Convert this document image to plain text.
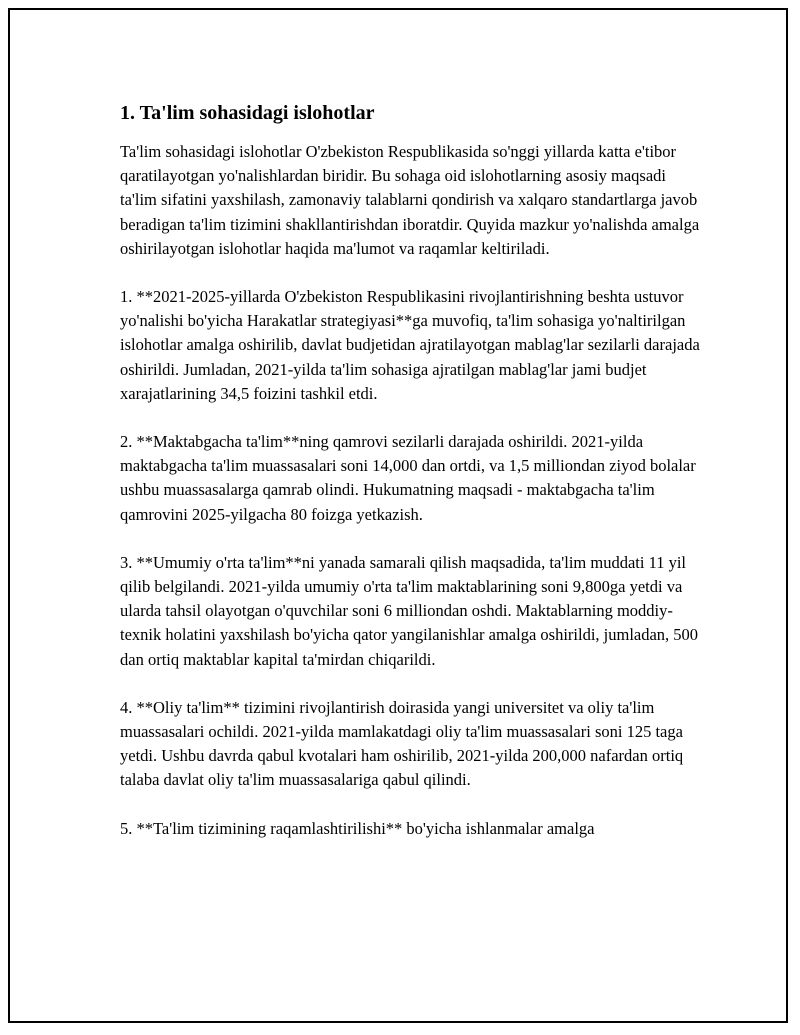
1. Ta'lim sohasidagi islohotlar

Ta'lim sohasidagi islohotlar O'zbekiston Respublikasida so'nggi yillarda katta e'tibor qaratilayotgan yo'nalishlardan biridir. Bu sohaga oid islohotlarning asosiy maqsadi ta'lim sifatini yaxshilash, zamonaviy talablarni qondirish va xalqaro standartlarga javob beradigan ta'lim tizimini shakllantirishdan iboratdir. Quyida mazkur yo'nalishda amalga oshirilayotgan islohotlar haqida ma'lumot va raqamlar keltiriladi.

1. **2021-2025-yillarda O'zbekiston Respublikasini rivojlantirishning beshta ustuvor yo'nalishi bo'yicha Harakatlar strategiyasi**ga muvofiq, ta'lim sohasiga yo'naltirilgan islohotlar amalga oshirilib, davlat budjetidan ajratilayotgan mablag'lar sezilarli darajada oshirildi. Jumladan, 2021-yilda ta'lim sohasiga ajratilgan mablag'lar jami budjet xarajatlarining 34,5 foizini tashkil etdi.

2. **Maktabgacha ta'lim**ning qamrovi sezilarli darajada oshirildi. 2021-yilda maktabgacha ta'lim muassasalari soni 14,000 dan ortdi, va 1,5 milliondan ziyod bolalar ushbu muassasalarga qamrab olindi. Hukumatning maqsadi - maktabgacha ta'lim qamrovini 2025-yilgacha 80 foizga yetkazish.

3. **Umumiy o'rta ta'lim**ni yanada samarali qilish maqsadida, ta'lim muddati 11 yil qilib belgilandi. 2021-yilda umumiy o'rta ta'lim maktablarining soni 9,800ga yetdi va ularda tahsil olayotgan o'quvchilar soni 6 milliondan oshdi. Maktablarning moddiy-texnik holatini yaxshilash bo'yicha qator yangilanishlar amalga oshirildi, jumladan, 500 dan ortiq maktablar kapital ta'mirdan chiqarildi.

4. **Oliy ta'lim** tizimini rivojlantirish doirasida yangi universitet va oliy ta'lim muassasalari ochildi. 2021-yilda mamlakatdagi oliy ta'lim muassasalari soni 125 taga yetdi. Ushbu davrda qabul kvotalari ham oshirilib, 2021-yilda 200,000 nafardan ortiq talaba davlat oliy ta'lim muassasalariga qabul qilindi.

5. **Ta'lim tizimining raqamlashtirilishi** bo'yicha ishlanmalar amalga
